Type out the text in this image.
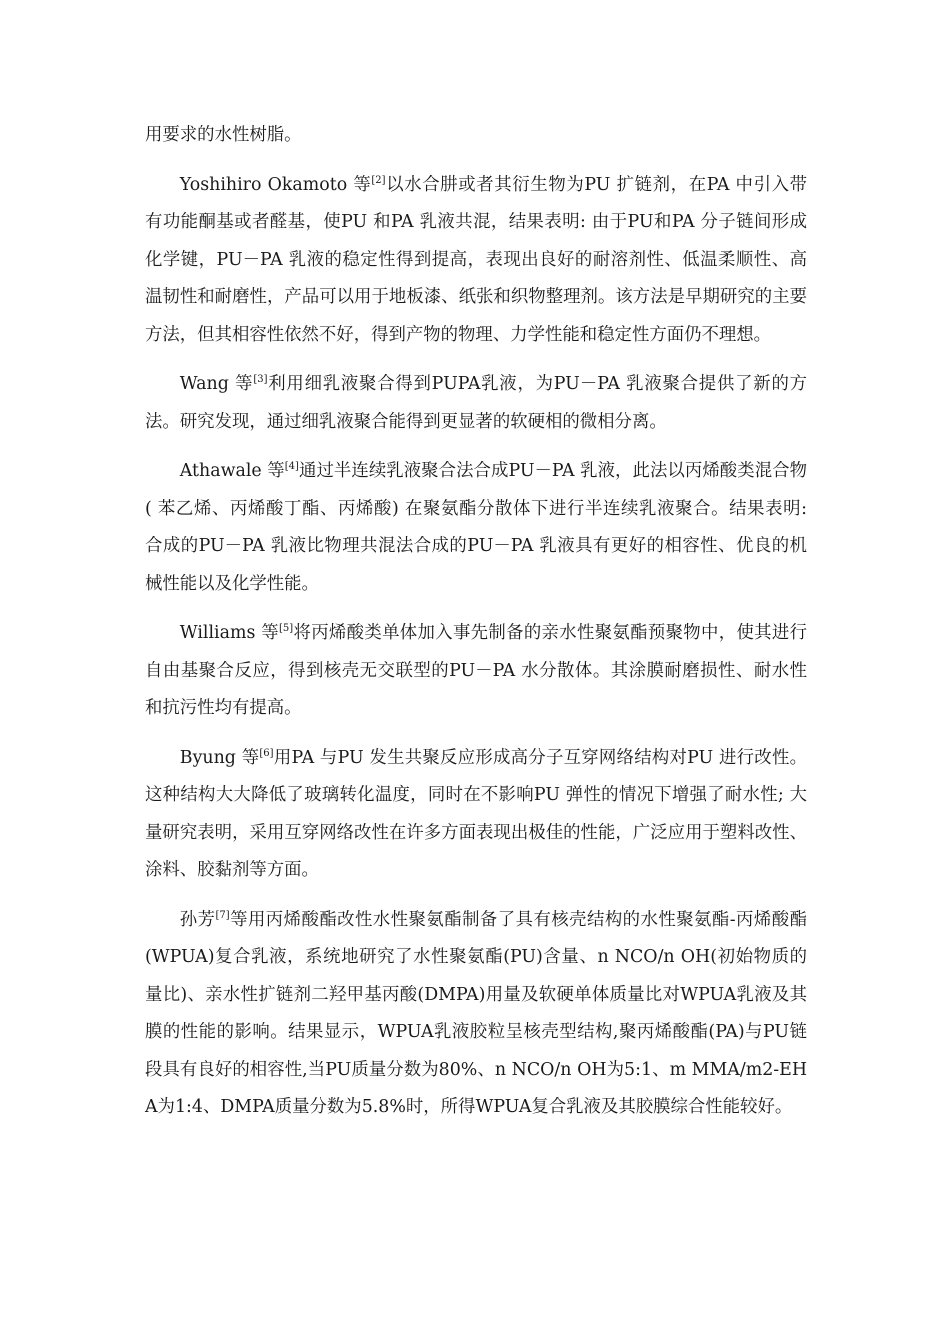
用要求的水性树脂。

Yoshihiro Okamoto 等[2]以水合肼或者其衍生物为PU 扩链剂，在PA 中引入带有功能酮基或者醛基，使PU 和PA 乳液共混，结果表明: 由于PU和PA 分子链间形成化学键，PU－PA 乳液的稳定性得到提高，表现出良好的耐溶剂性、低温柔顺性、高温韧性和耐磨性，产品可以用于地板漆、纸张和织物整理剂。该方法是早期研究的主要方法，但其相容性依然不好，得到产物的物理、力学性能和稳定性方面仍不理想。

Wang 等[3]利用细乳液聚合得到PUPA乳液，为PU－PA 乳液聚合提供了新的方法。研究发现，通过细乳液聚合能得到更显著的软硬相的微相分离。

Athawale 等[4]通过半连续乳液聚合法合成PU－PA 乳液，此法以丙烯酸类混合物( 苯乙烯、丙烯酸丁酯、丙烯酸) 在聚氨酯分散体下进行半连续乳液聚合。结果表明: 合成的PU－PA 乳液比物理共混法合成的PU－PA 乳液具有更好的相容性、优良的机械性能以及化学性能。

Williams 等[5]将丙烯酸类单体加入事先制备的亲水性聚氨酯预聚物中，使其进行自由基聚合反应，得到核壳无交联型的PU－PA 水分散体。其涂膜耐磨损性、耐水性和抗污性均有提高。

Byung 等[6]用PA 与PU 发生共聚反应形成高分子互穿网络结构对PU 进行改性。这种结构大大降低了玻璃转化温度，同时在不影响PU 弹性的情况下增强了耐水性; 大量研究表明，采用互穿网络改性在许多方面表现出极佳的性能，广泛应用于塑料改性、涂料、胶黏剂等方面。

孙芳[7]等用丙烯酸酯改性水性聚氨酯制备了具有核壳结构的水性聚氨酯-丙烯酸酯(WPUA)复合乳液，系统地研究了水性聚氨酯(PU)含量、n NCO/n OH(初始物质的量比)、亲水性扩链剂二羟甲基丙酸(DMPA)用量及软硬单体质量比对WPUA乳液及其膜的性能的影响。结果显示，WPUA乳液胶粒呈核壳型结构,聚丙烯酸酯(PA)与PU链段具有良好的相容性,当PU质量分数为80%、n NCO/n OH为5:1、m MMA/m2-EHA为1:4、DMPA质量分数为5.8%时，所得WPUA复合乳液及其胶膜综合性能较好。
